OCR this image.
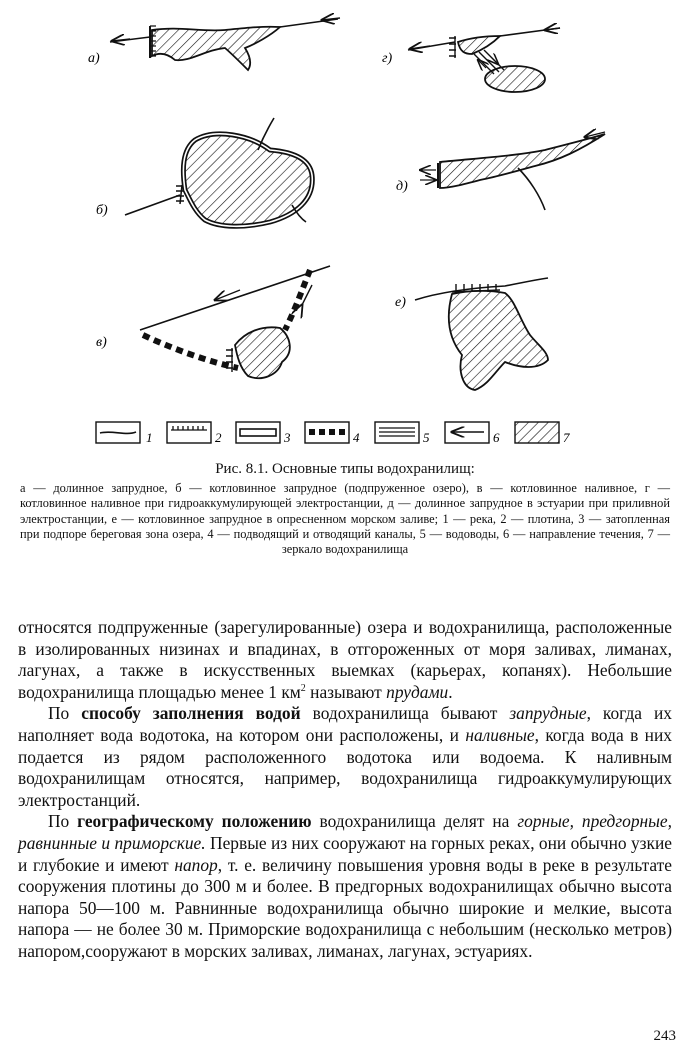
а)
б)
в)
г)
д)
е)
1	2	3	4	5	6	7
Рис. 8.1. Основные типы водохранилищ:
а — долинное запрудное, б — котловинное запрудное (подпруженное озеро), в — котловинное наливное, г — котловинное наливное при гидроаккумулирующей электростанции, д — долинное запрудное в эстуарии при приливной электростанции, е — котловинное запрудное в опресненном морском заливе; 1 — река, 2 — плотина, 3 — затопленная при подпоре береговая зона озера, 4 — подводящий и отводящий каналы, 5 — водоводы, 6 — направление течения, 7 — зеркало водохранилища

относятся подпруженные (зарегулированные) озера и водохранилища, расположенные в изолированных низинах и впадинах, в отгороженных от моря заливах, лиманах, лагунах, а также в искусственных выемках (карьерах, копанях). Небольшие водохранилища площадью менее 1 $км^2$ называют прудами.

По способу заполнения водой водохранилища бывают запрудные, когда их наполняет вода водотока, на котором они расположены, и наливные, когда вода в них подается из рядом расположенного водотока или водоема. К наливным водохранилищам относятся, например, водохранилища гидроаккумулирующих электростанций.

По географическому положению водохранилища делят на горные, предгорные, равнинные и приморские. Первые из них сооружают на горных реках, они обычно узкие и глубокие и имеют напор, т. е. величину повышения уровня воды в реке в результате сооружения плотины до 300 м и более. В предгорных водохранилищах обычно высота напора 50—100 м. Равнинные водохранилища обычно широкие и мелкие, высота напора — не более 30 м. Приморские водохранилища с небольшим (несколько метров) напором,сооружают в морских заливах, лиманах, лагунах, эстуариях.

243
